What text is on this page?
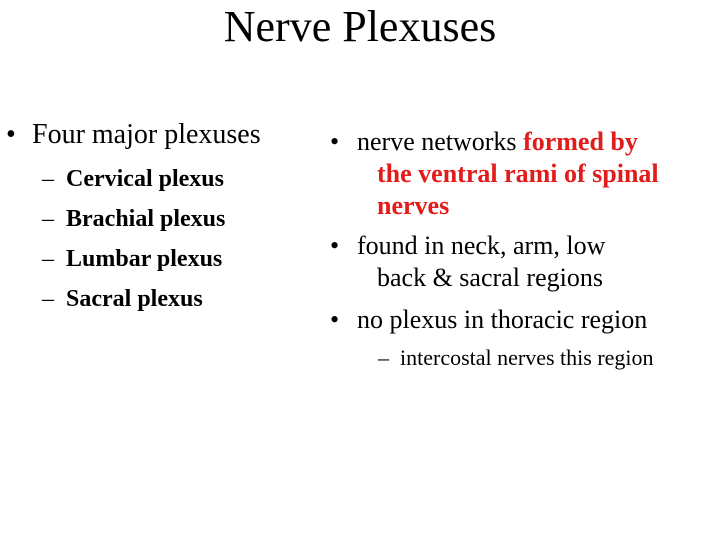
Nerve Plexuses
• Four major plexuses
– Cervical plexus
– Brachial plexus
– Lumbar plexus
– Sacral plexus
• nerve networks formed by
the ventral rami of spinal
nerves
• found in neck, arm, low
back & sacral regions
• no plexus in thoracic region
– intercostal nerves this region
